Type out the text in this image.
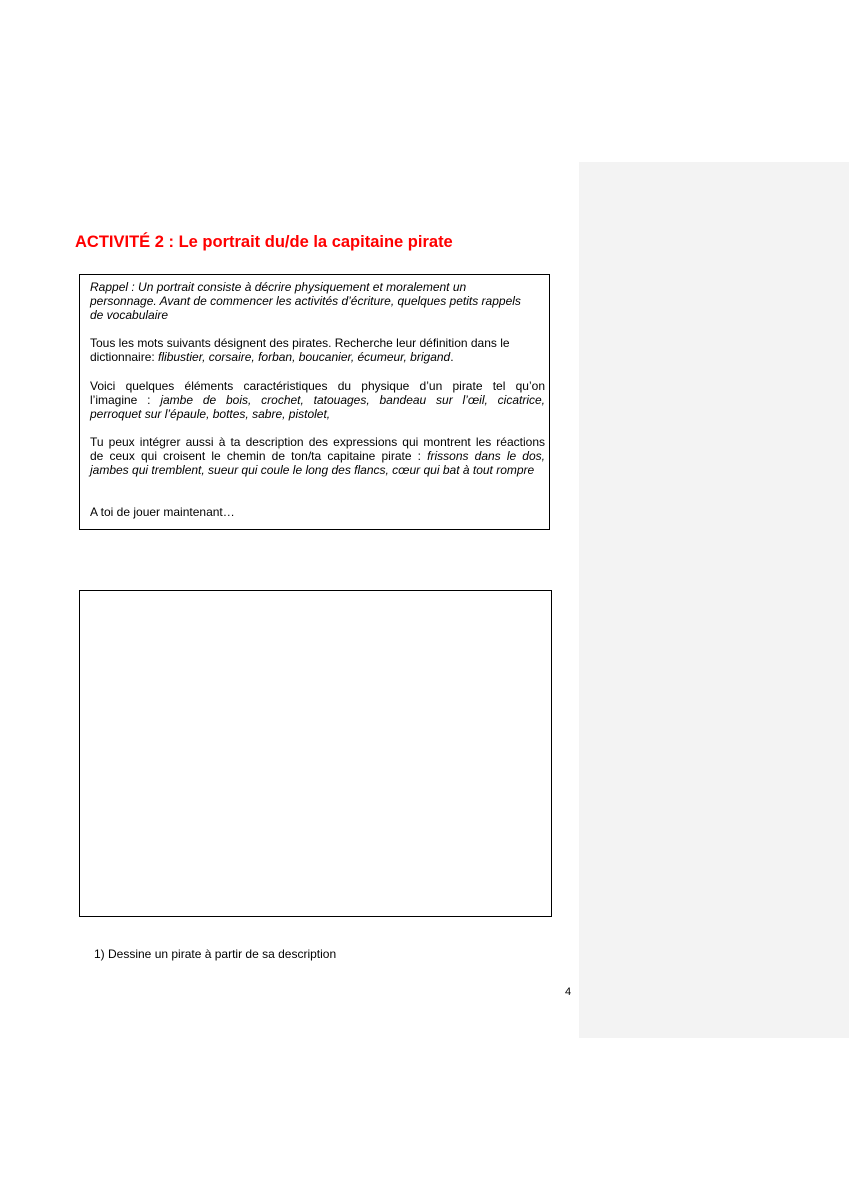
ACTIVITÉ 2 : Le portrait du/de la capitaine pirate

Rappel : Un portrait consiste à décrire physiquement et moralement un
personnage. Avant de commencer les activités d’écriture, quelques petits rappels
de vocabulaire

Tous les mots suivants désignent des pirates. Recherche leur définition dans le
dictionnaire: flibustier, corsaire, forban, boucanier, écumeur, brigand.

Voici quelques éléments caractéristiques du physique d’un pirate tel qu’on
l’imagine : jambe de bois, crochet, tatouages, bandeau sur l’œil, cicatrice,
perroquet sur l’épaule, bottes, sabre, pistolet,

Tu peux intégrer aussi à ta description des expressions qui montrent les réactions
de ceux qui croisent le chemin de ton/ta capitaine pirate : frissons dans le dos,
jambes qui tremblent, sueur qui coule le long des flancs, cœur qui bat à tout rompre

A toi de jouer maintenant…

1) Dessine un pirate à partir de sa description

4
